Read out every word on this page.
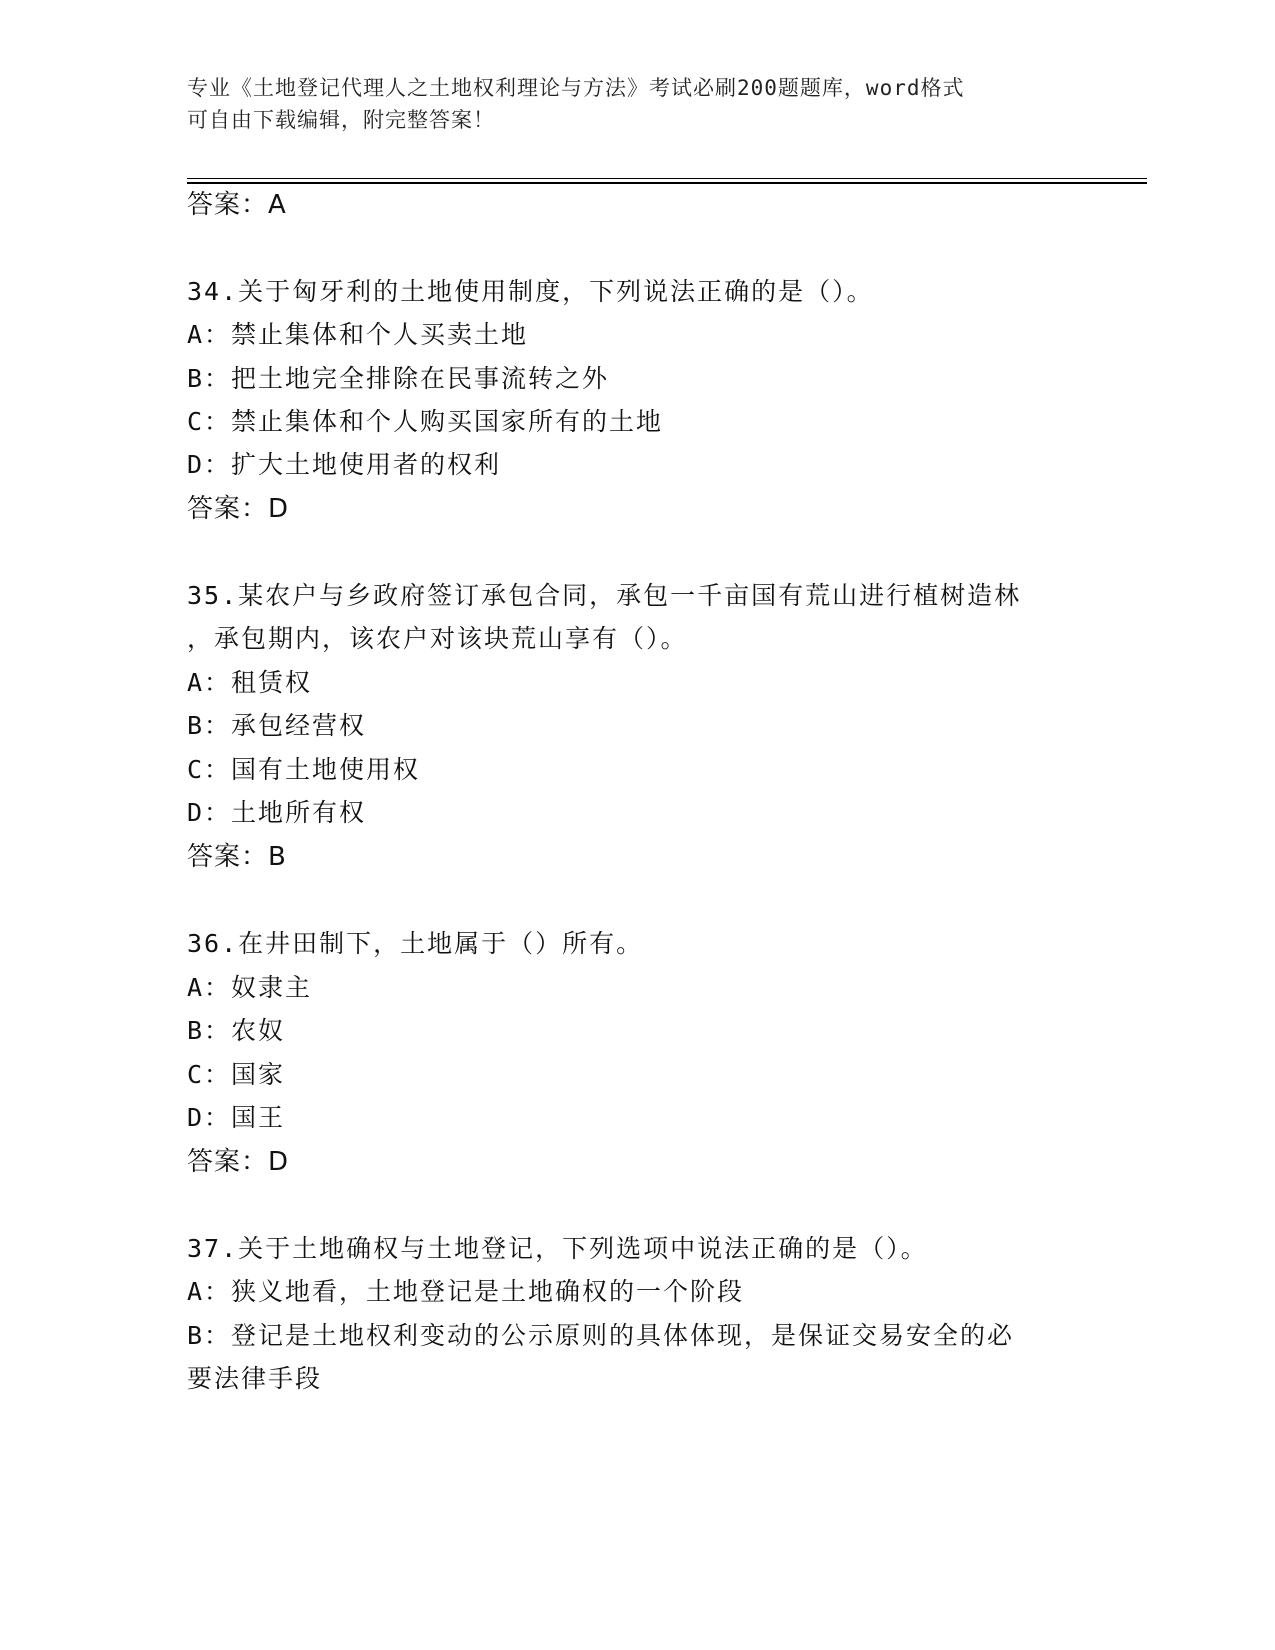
专业《土地登记代理人之土地权利理论与方法》考试必刷200题题库，word格式
可自由下载编辑，附完整答案！
答案：A
34.关于匈牙利的土地使用制度，下列说法正确的是（）。
A：禁止集体和个人买卖土地
B：把土地完全排除在民事流转之外
C：禁止集体和个人购买国家所有的土地
D：扩大土地使用者的权利
答案：D
35.某农户与乡政府签订承包合同，承包一千亩国有荒山进行植树造林
，承包期内，该农户对该块荒山享有（）。
A：租赁权
B：承包经营权
C：国有土地使用权
D：土地所有权
答案：B
36.在井田制下，土地属于（）所有。
A：奴隶主
B：农奴
C：国家
D：国王
答案：D
37.关于土地确权与土地登记，下列选项中说法正确的是（）。
A：狭义地看，土地登记是土地确权的一个阶段
B：登记是土地权利变动的公示原则的具体体现，是保证交易安全的必
要法律手段
